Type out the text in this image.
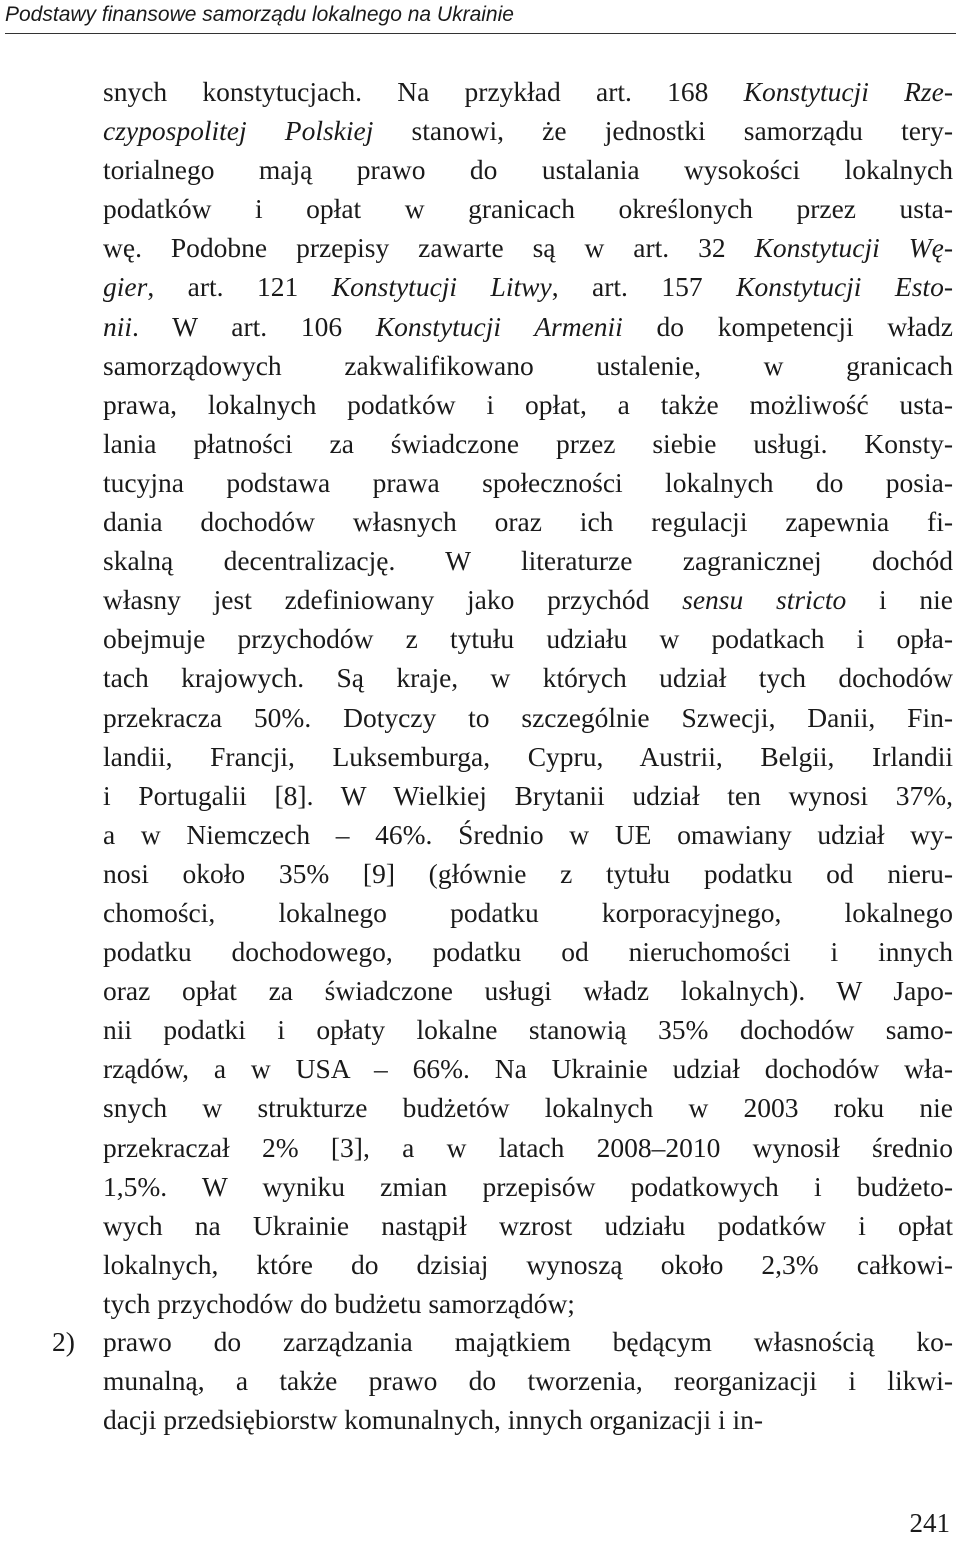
Podstawy finansowe samorządu lokalnego na Ukrainie
snych konstytucjach. Na przykład art. 168 Konstytucji Rze-
czypospolitej Polskiej stanowi, że jednostki samorządu tery-
torialnego mają prawo do ustalania wysokości lokalnych
podatków i opłat w granicach określonych przez usta-
wę. Podobne przepisy zawarte są w art. 32 Konstytucji Wę-
gier, art. 121 Konstytucji Litwy, art. 157 Konstytucji Esto-
nii. W art. 106 Konstytucji Armenii do kompetencji władz
samorządowych zakwalifikowano ustalenie, w granicach
prawa, lokalnych podatków i opłat, a także możliwość usta-
lania płatności za świadczone przez siebie usługi. Konsty-
tucyjna podstawa prawa społeczności lokalnych do posia-
dania dochodów własnych oraz ich regulacji zapewnia fi-
skalną decentralizację. W literaturze zagranicznej dochód
własny jest zdefiniowany jako przychód sensu stricto i nie
obejmuje przychodów z tytułu udziału w podatkach i opła-
tach krajowych. Są kraje, w których udział tych dochodów
przekracza 50%. Dotyczy to szczególnie Szwecji, Danii, Fin-
landii, Francji, Luksemburga, Cypru, Austrii, Belgii, Irlandii
i Portugalii [8]. W Wielkiej Brytanii udział ten wynosi 37%,
a w Niemczech – 46%. Średnio w UE omawiany udział wy-
nosi około 35% [9] (głównie z tytułu podatku od nieru-
chomości, lokalnego podatku korporacyjnego, lokalnego
podatku dochodowego, podatku od nieruchomości i innych
oraz opłat za świadczone usługi władz lokalnych). W Japo-
nii podatki i opłaty lokalne stanowią 35% dochodów samo-
rządów, a w USA – 66%. Na Ukrainie udział dochodów wła-
snych w strukturze budżetów lokalnych w 2003 roku nie
przekraczał 2% [3], a w latach 2008–2010 wynosił średnio
1,5%. W wyniku zmian przepisów podatkowych i budżeto-
wych na Ukrainie nastąpił wzrost udziału podatków i opłat
lokalnych, które do dzisiaj wynoszą około 2,3% całkowi-
tych przychodów do budżetu samorządów;
2) prawo do zarządzania majątkiem będącym własnością ko-
munalną, a także prawo do tworzenia, reorganizacji i likwi-
dacji przedsiębiorstw komunalnych, innych organizacji i in-
241
